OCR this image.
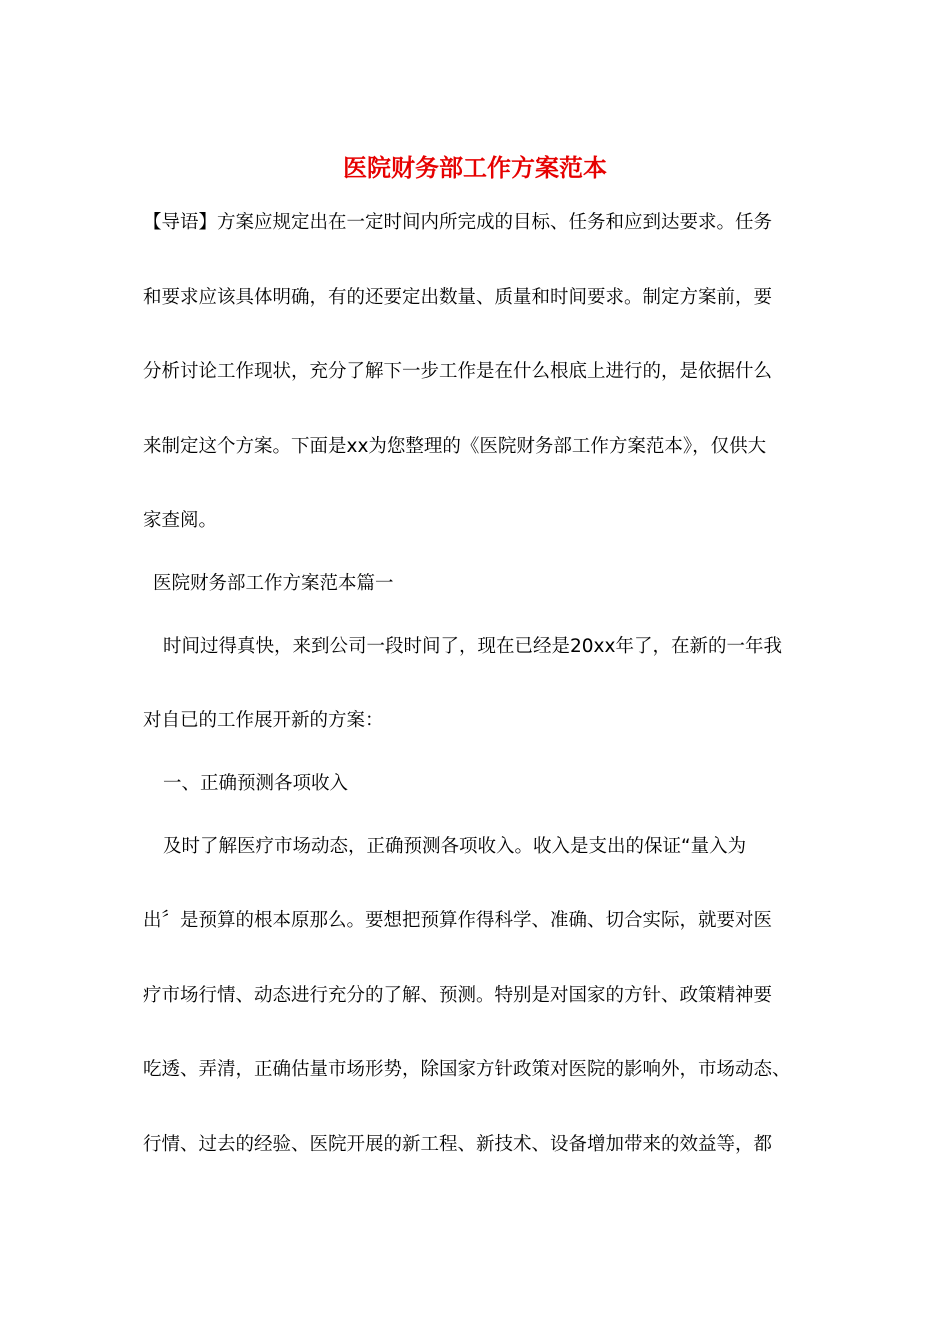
医院财务部工作方案范本
【导语】方案应规定出在一定时间内所完成的目标、任务和应到达要求。任务
和要求应该具体明确，有的还要定出数量、质量和时间要求。制定方案前，要
分析讨论工作现状，充分了解下一步工作是在什么根底上进行的，是依据什么
来制定这个方案。下面是xx为您整理的《医院财务部工作方案范本》，仅供大
家查阅。
医院财务部工作方案范本篇一
时间过得真快，来到公司一段时间了，现在已经是20xx年了，在新的一年我
对自已的工作展开新的方案：
一、正确预测各项收入
及时了解医疗市场动态，正确预测各项收入。收入是支出的保证“量入为
出〞是预算的根本原那么。要想把预算作得科学、准确、切合实际，就要对医
疗市场行情、动态进行充分的了解、预测。特别是对国家的方针、政策精神要
吃透、弄清，正确估量市场形势，除国家方针政策对医院的影响外，市场动态、
行情、过去的经验、医院开展的新工程、新技术、设备增加带来的效益等，都
